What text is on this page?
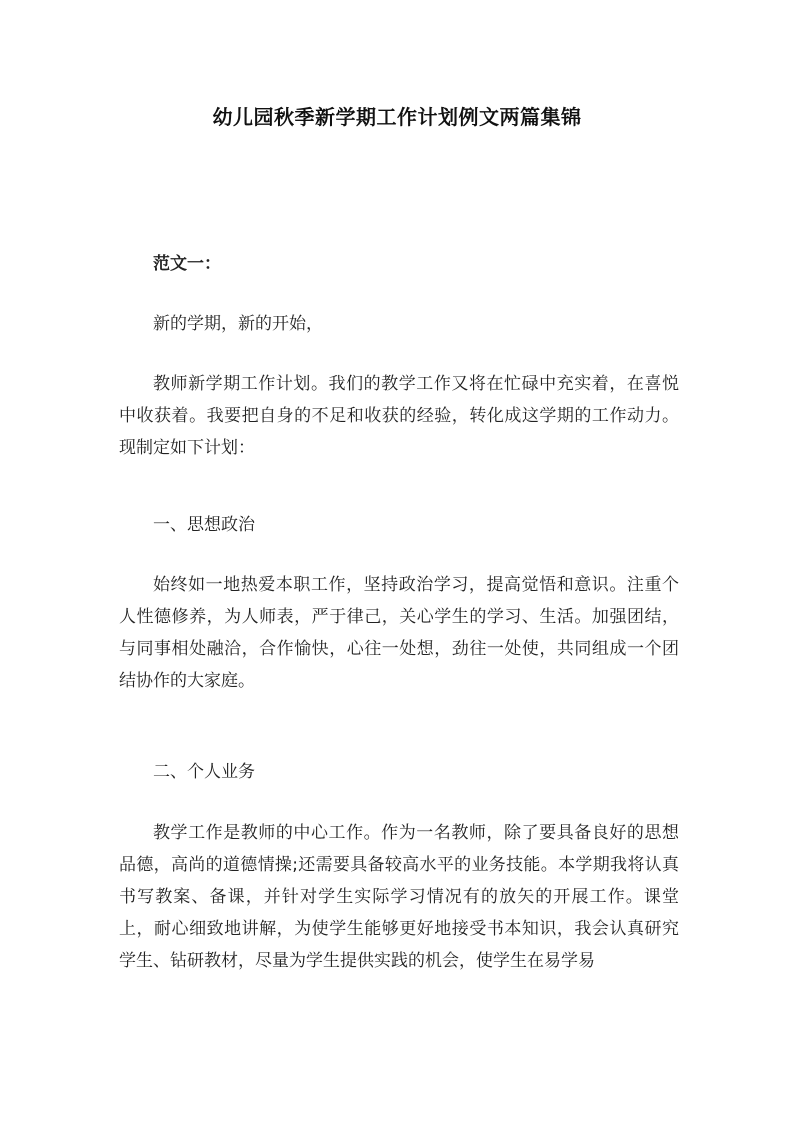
幼儿园秋季新学期工作计划例文两篇集锦

范文一：

新的学期，新的开始，

教师新学期工作计划。我们的教学工作又将在忙碌中充实着，在喜悦中收获着。我要把自身的不足和收获的经验，转化成这学期的工作动力。现制定如下计划：

一、思想政治

始终如一地热爱本职工作，坚持政治学习，提高觉悟和意识。注重个人性德修养，为人师表，严于律己，关心学生的学习、生活。加强团结，与同事相处融洽，合作愉快，心往一处想，劲往一处使，共同组成一个团结协作的大家庭。

二、个人业务

教学工作是教师的中心工作。作为一名教师，除了要具备良好的思想品德，高尚的道德情操;还需要具备较高水平的业务技能。本学期我将认真书写教案、备课，并针对学生实际学习情况有的放矢的开展工作。课堂上，耐心细致地讲解，为使学生能够更好地接受书本知识，我会认真研究学生、钻研教材，尽量为学生提供实践的机会，使学生在易学易
